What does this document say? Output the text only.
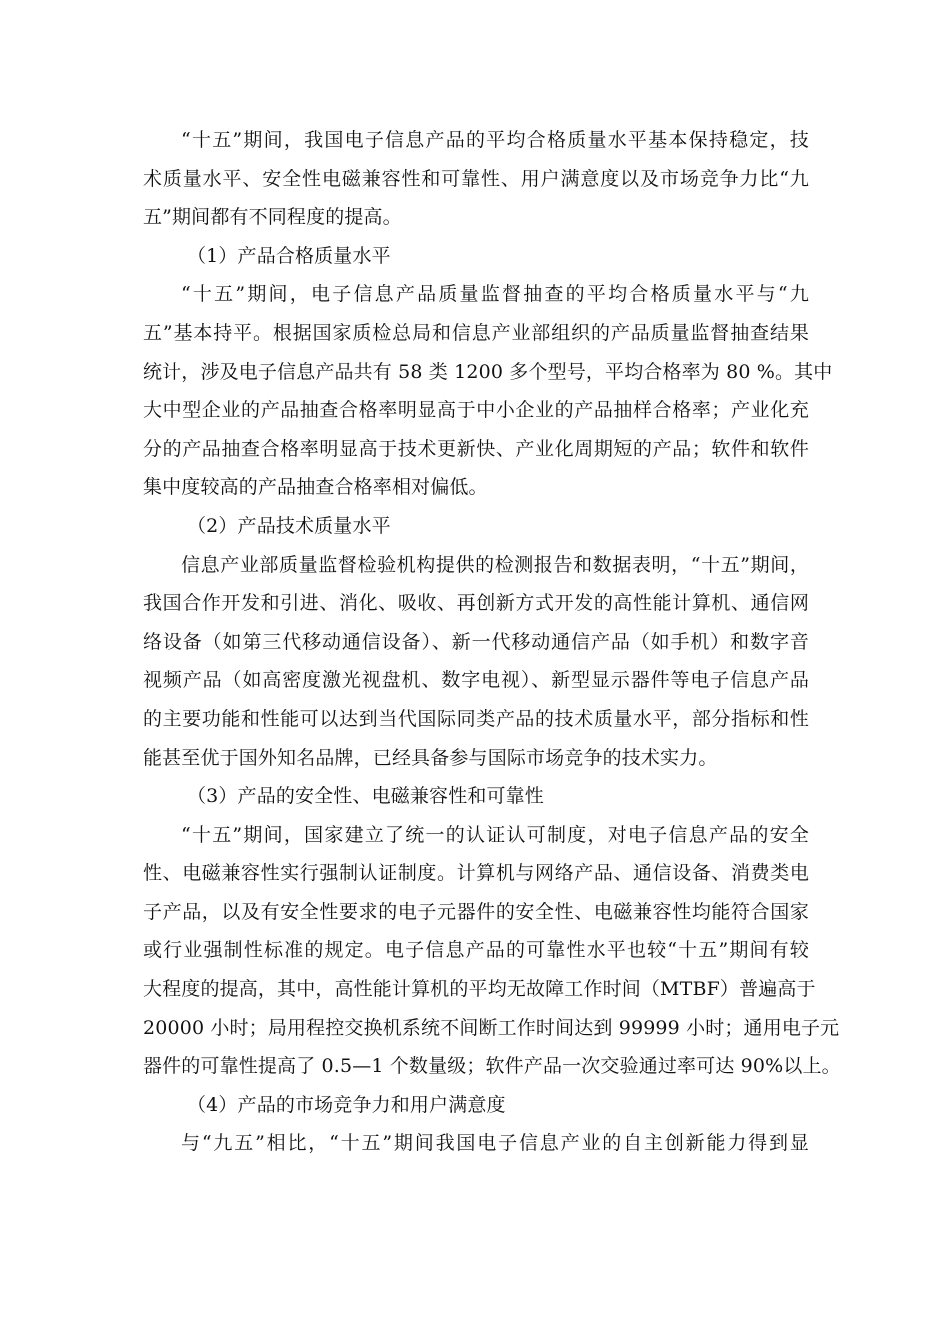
“十五”期间，我国电子信息产品的平均合格质量水平基本保持稳定，技
术质量水平、安全性电磁兼容性和可靠性、用户满意度以及市场竞争力比“九
五”期间都有不同程度的提高。
（1）产品合格质量水平
“十五”期间，电子信息产品质量监督抽查的平均合格质量水平与“九
五”基本持平。根据国家质检总局和信息产业部组织的产品质量监督抽查结果
统计，涉及电子信息产品共有 58 类 1200 多个型号，平均合格率为 80 %。其中
大中型企业的产品抽查合格率明显高于中小企业的产品抽样合格率；产业化充
分的产品抽查合格率明显高于技术更新快、产业化周期短的产品；软件和软件
集中度较高的产品抽查合格率相对偏低。
（2）产品技术质量水平
信息产业部质量监督检验机构提供的检测报告和数据表明，“十五”期间，
我国合作开发和引进、消化、吸收、再创新方式开发的高性能计算机、通信网
络设备（如第三代移动通信设备）、新一代移动通信产品（如手机）和数字音
视频产品（如高密度激光视盘机、数字电视）、新型显示器件等电子信息产品
的主要功能和性能可以达到当代国际同类产品的技术质量水平，部分指标和性
能甚至优于国外知名品牌，已经具备参与国际市场竞争的技术实力。
（3）产品的安全性、电磁兼容性和可靠性
“十五”期间，国家建立了统一的认证认可制度，对电子信息产品的安全
性、电磁兼容性实行强制认证制度。计算机与网络产品、通信设备、消费类电
子产品，以及有安全性要求的电子元器件的安全性、电磁兼容性均能符合国家
或行业强制性标准的规定。电子信息产品的可靠性水平也较“十五”期间有较
大程度的提高，其中，高性能计算机的平均无故障工作时间（MTBF）普遍高于
20000 小时；局用程控交换机系统不间断工作时间达到 99999 小时；通用电子元
器件的可靠性提高了 0.5—1 个数量级；软件产品一次交验通过率可达 90%以上。
（4）产品的市场竞争力和用户满意度
与“九五”相比，“十五”期间我国电子信息产业的自主创新能力得到显
